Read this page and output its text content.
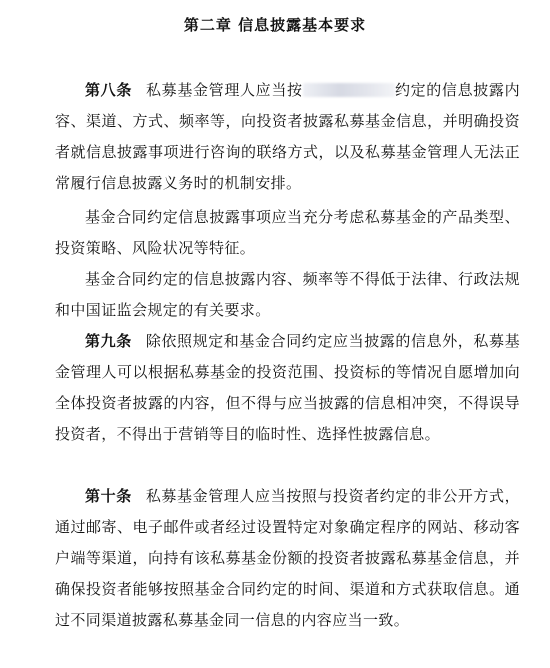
第二章 信息披露基本要求

第八条 私募基金管理人应当按	约定的信息披露内容、渠道、方式、频率等，向投资者披露私募基金信息，并明确投资者就信息披露事项进行咨询的联络方式，以及私募基金管理人无法正常履行信息披露义务时的机制安排。

基金合同约定信息披露事项应当充分考虑私募基金的产品类型、投资策略、风险状况等特征。

基金合同约定的信息披露内容、频率等不得低于法律、行政法规和中国证监会规定的有关要求。

第九条 除依照规定和基金合同约定应当披露的信息外，私募基金管理人可以根据私募基金的投资范围、投资标的等情况自愿增加向全体投资者披露的内容，但不得与应当披露的信息相冲突，不得误导投资者，不得出于营销等目的临时性、选择性披露信息。

第十条 私募基金管理人应当按照与投资者约定的非公开方式，通过邮寄、电子邮件或者经过设置特定对象确定程序的网站、移动客户端等渠道，向持有该私募基金份额的投资者披露私募基金信息，并确保投资者能够按照基金合同约定的时间、渠道和方式获取信息。通过不同渠道披露私募基金同一信息的内容应当一致。
